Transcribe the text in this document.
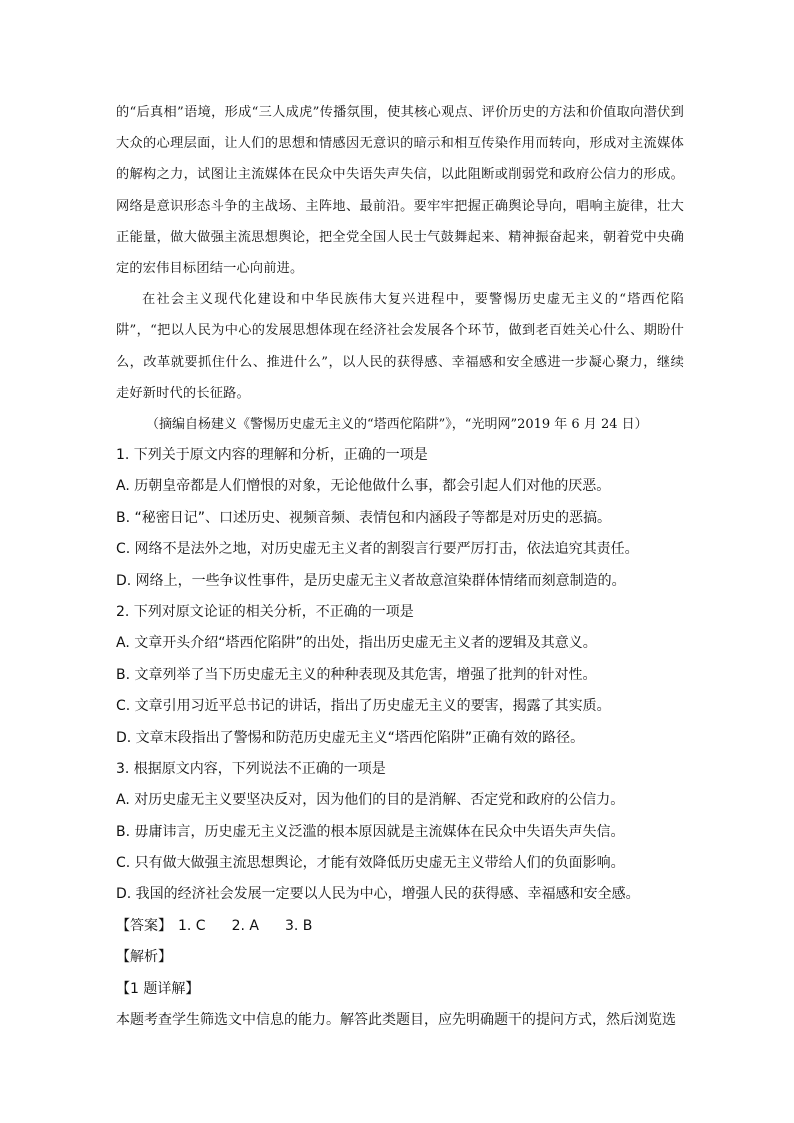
的“后真相”语境，形成“三人成虎”传播氛围，使其核心观点、评价历史的方法和价值取向潜伏到大众的心理层面，让人们的思想和情感因无意识的暗示和相互传染作用而转向，形成对主流媒体的解构之力，试图让主流媒体在民众中失语失声失信，以此阻断或削弱党和政府公信力的形成。网络是意识形态斗争的主战场、主阵地、最前沿。要牢牢把握正确舆论导向，唱响主旋律，壮大正能量，做大做强主流思想舆论，把全党全国人民士气鼓舞起来、精神振奋起来，朝着党中央确定的宏伟目标团结一心向前进。

在社会主义现代化建设和中华民族伟大复兴进程中，要警惕历史虚无主义的“塔西佗陷阱”，“把以人民为中心的发展思想体现在经济社会发展各个环节，做到老百姓关心什么、期盼什么，改革就要抓住什么、推进什么”，以人民的获得感、幸福感和安全感进一步凝心聚力，继续走好新时代的长征路。

（摘编自杨建义《警惕历史虚无主义的“塔西佗陷阱”》，“光明网”2019 年 6 月 24 日）
1. 下列关于原文内容的理解和分析，正确的一项是
A. 历朝皇帝都是人们憎恨的对象，无论他做什么事，都会引起人们对他的厌恶。
B. “秘密日记”、口述历史、视频音频、表情包和内涵段子等都是对历史的恶搞。
C. 网络不是法外之地，对历史虚无主义者的割裂言行要严厉打击，依法追究其责任。
D. 网络上，一些争议性事件，是历史虚无主义者故意渲染群体情绪而刻意制造的。
2. 下列对原文论证的相关分析，不正确的一项是
A. 文章开头介绍“塔西佗陷阱”的出处，指出历史虚无主义者的逻辑及其意义。
B. 文章列举了当下历史虚无主义的种种表现及其危害，增强了批判的针对性。
C. 文章引用习近平总书记的讲话，指出了历史虚无主义的要害，揭露了其实质。
D. 文章末段指出了警惕和防范历史虚无主义“塔西佗陷阱”正确有效的路径。
3. 根据原文内容，下列说法不正确的一项是
A. 对历史虚无主义要坚决反对，因为他们的目的是消解、否定党和政府的公信力。
B. 毋庸讳言，历史虚无主义泛滥的根本原因就是主流媒体在民众中失语失声失信。
C. 只有做大做强主流思想舆论，才能有效降低历史虚无主义带给人们的负面影响。
D. 我国的经济社会发展一定要以人民为中心，增强人民的获得感、幸福感和安全感。
【答案】 1. C 2. A 3. B
【解析】
【1 题详解】
本题考查学生筛选文中信息的能力。解答此类题目，应先明确题干的提问方式，然后浏览选
